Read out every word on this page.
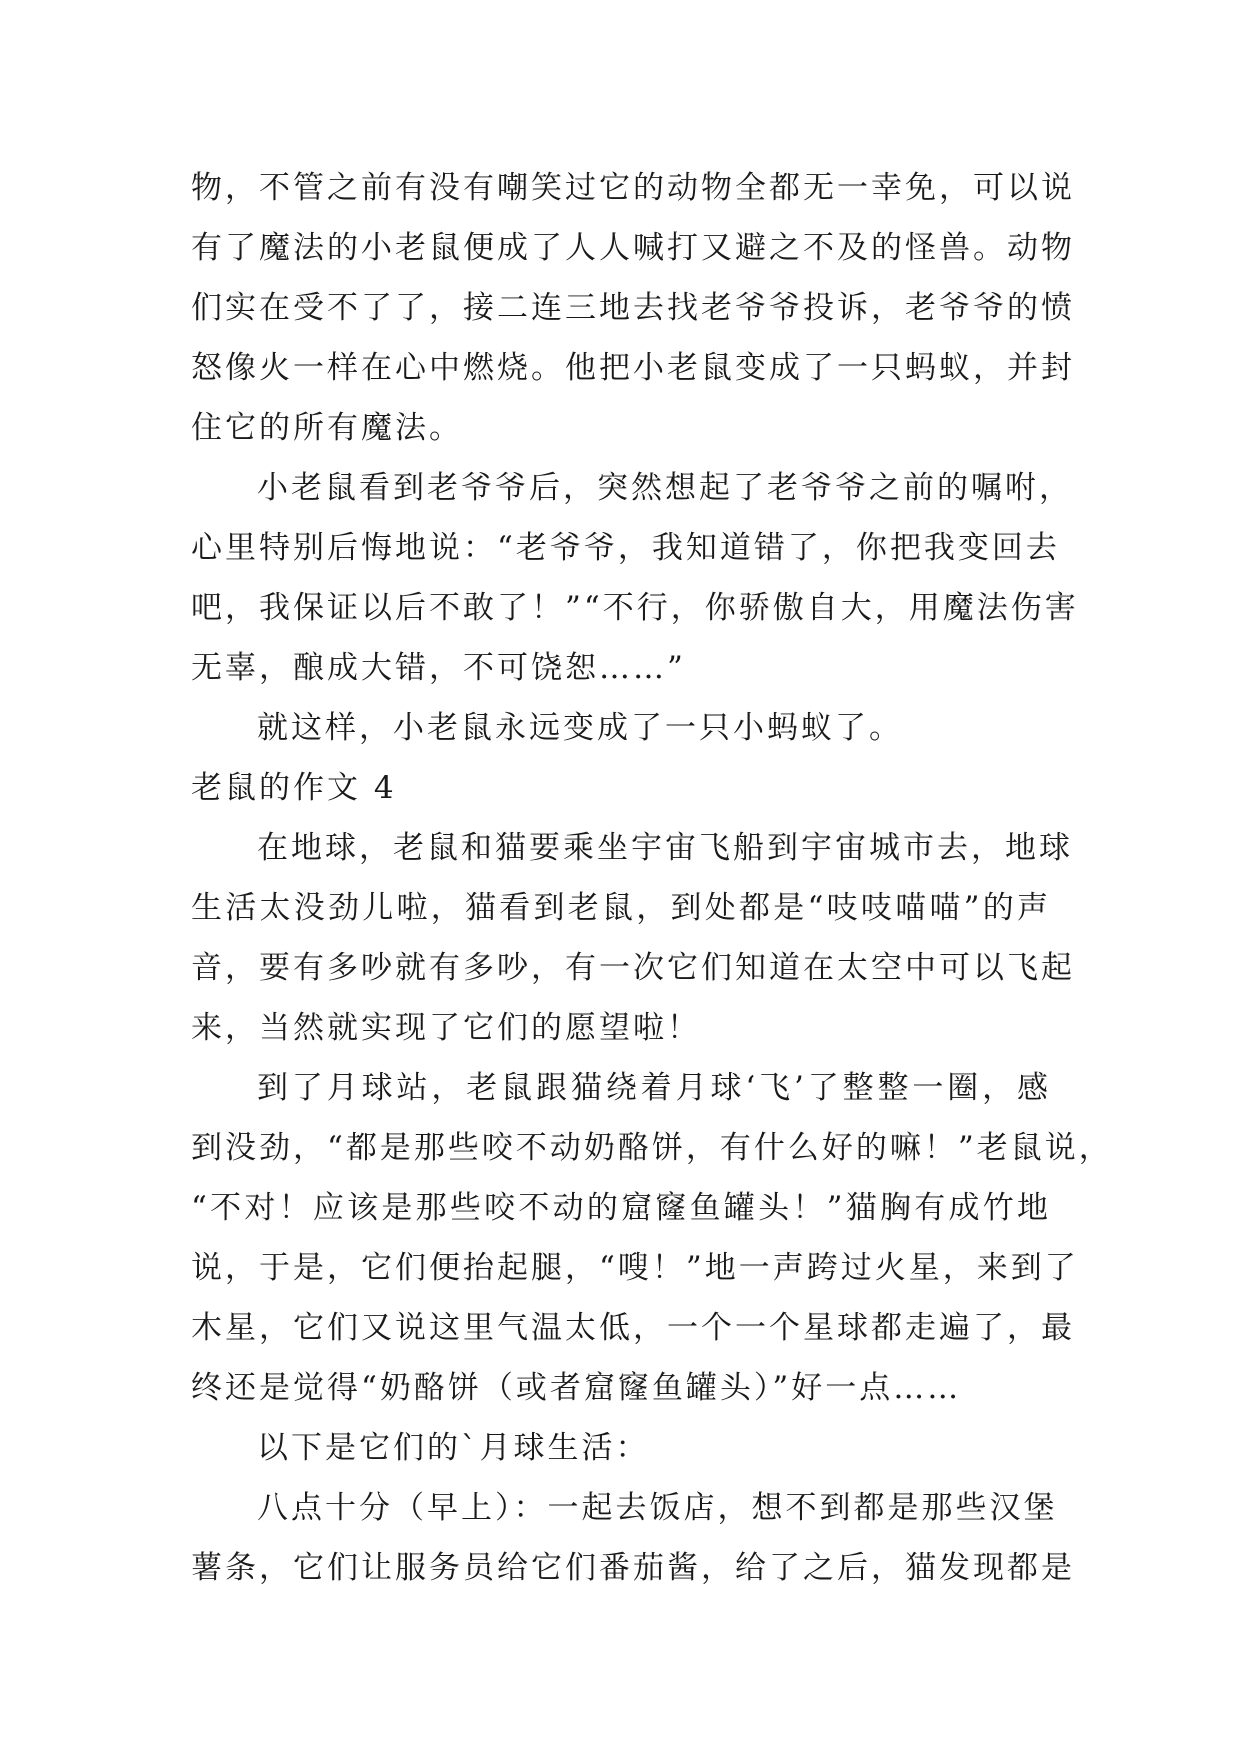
物，不管之前有没有嘲笑过它的动物全都无一幸免，可以说
有了魔法的小老鼠便成了人人喊打又避之不及的怪兽。动物
们实在受不了了，接二连三地去找老爷爷投诉，老爷爷的愤
怒像火一样在心中燃烧。他把小老鼠变成了一只蚂蚁，并封
住它的所有魔法。
小老鼠看到老爷爷后，突然想起了老爷爷之前的嘱咐，
心里特别后悔地说：“老爷爷，我知道错了，你把我变回去
吧，我保证以后不敢了！”“不行，你骄傲自大，用魔法伤害
无辜，酿成大错，不可饶恕……”
就这样，小老鼠永远变成了一只小蚂蚁了。
老鼠的作文 4
在地球，老鼠和猫要乘坐宇宙飞船到宇宙城市去，地球
生活太没劲儿啦，猫看到老鼠，到处都是“吱吱喵喵”的声
音，要有多吵就有多吵，有一次它们知道在太空中可以飞起
来，当然就实现了它们的愿望啦！
到了月球站，老鼠跟猫绕着月球‘飞’了整整一圈，感
到没劲，“都是那些咬不动奶酪饼，有什么好的嘛！”老鼠说，
“不对！应该是那些咬不动的窟窿鱼罐头！”猫胸有成竹地
说，于是，它们便抬起腿，“嗖！”地一声跨过火星，来到了
木星，它们又说这里气温太低，一个一个星球都走遍了，最
终还是觉得“奶酪饼（或者窟窿鱼罐头）”好一点……
以下是它们的`月球生活：
八点十分（早上）：一起去饭店，想不到都是那些汉堡
薯条，它们让服务员给它们番茄酱，给了之后，猫发现都是
